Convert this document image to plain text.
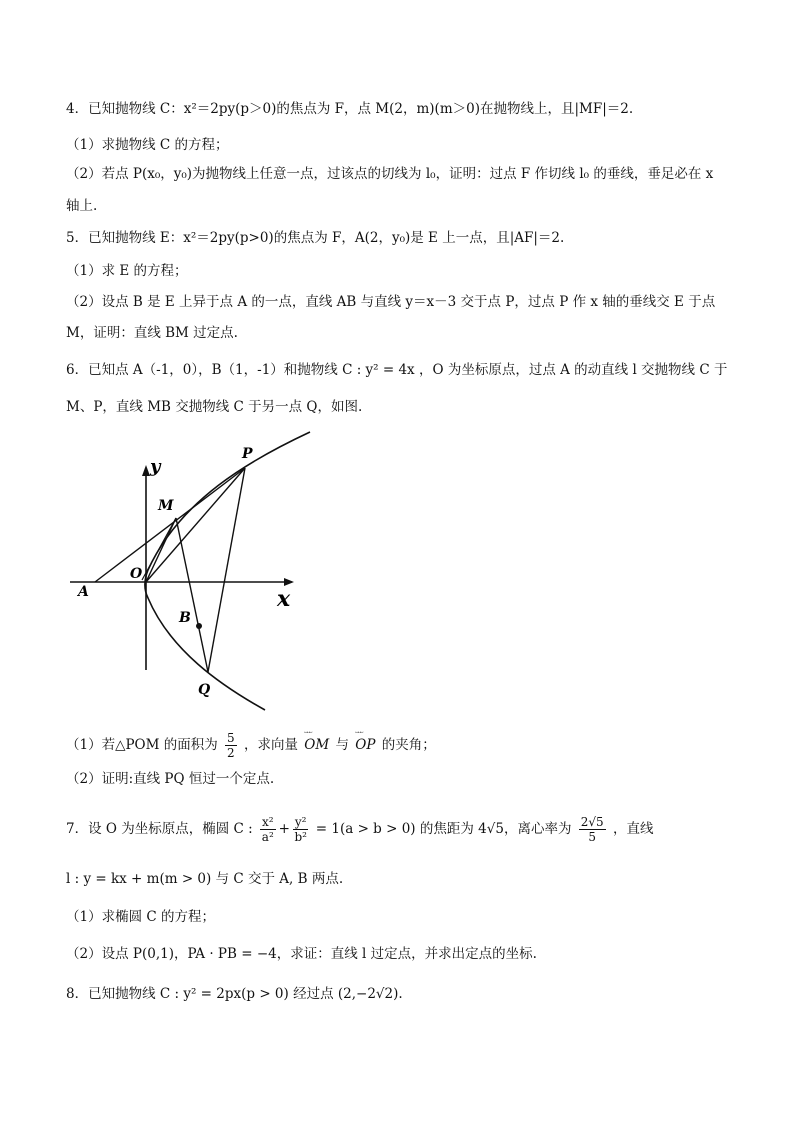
4．已知抛物线 C：x²＝2py(p＞0)的焦点为 F，点 M(2，m)(m＞0)在抛物线上，且|MF|＝2.
（1）求抛物线 C 的方程；
（2）若点 P(x₀，y₀)为抛物线上任意一点，过该点的切线为 l₀，证明：过点 F 作切线 l₀ 的垂线，垂足必在 x
轴上.
5．已知抛物线 E：x²＝2py(p>0)的焦点为 F，A(2，y₀)是 E 上一点，且|AF|＝2.
（1）求 E 的方程；
（2）设点 B 是 E 上异于点 A 的一点，直线 AB 与直线 y＝x－3 交于点 P，过点 P 作 x 轴的垂线交 E 于点
M，证明：直线 BM 过定点.
6．已知点 A（-1，0），B（1，-1）和抛物线 C : y² = 4x ，O 为坐标原点，过点 A 的动直线 l 交抛物线 C 于
M、P，直线 MB 交抛物线 C 于另一点 Q，如图.
y
x
O
A
B
M
P
Q
（1）若△POM 的面积为 $\frac{5}{2}$ ，求向量 ᵕᵕᵕ OM 与 ᵕᵕᵕ OP 的夹角；
（2）证明:直线 PQ 恒过一个定点.
7．设 O 为坐标原点，椭圆 C : $\frac{\text{x²}}{\text{a²}} + \frac{\text{y²}}{\text{b²}} = 1(a > b > 0)$ 的焦距为 4√5，离心率为 $\frac{2√5}{5}$ ，直线
l : y = kx + m(m > 0) 与 C 交于 A, B 两点.
（1）求椭圆 C 的方程；
（2）设点 P(0,1)，PA · PB = −4，求证：直线 l 过定点，并求出定点的坐标.
8．已知抛物线 C : y² = 2px(p > 0) 经过点 (2,−2√2).
